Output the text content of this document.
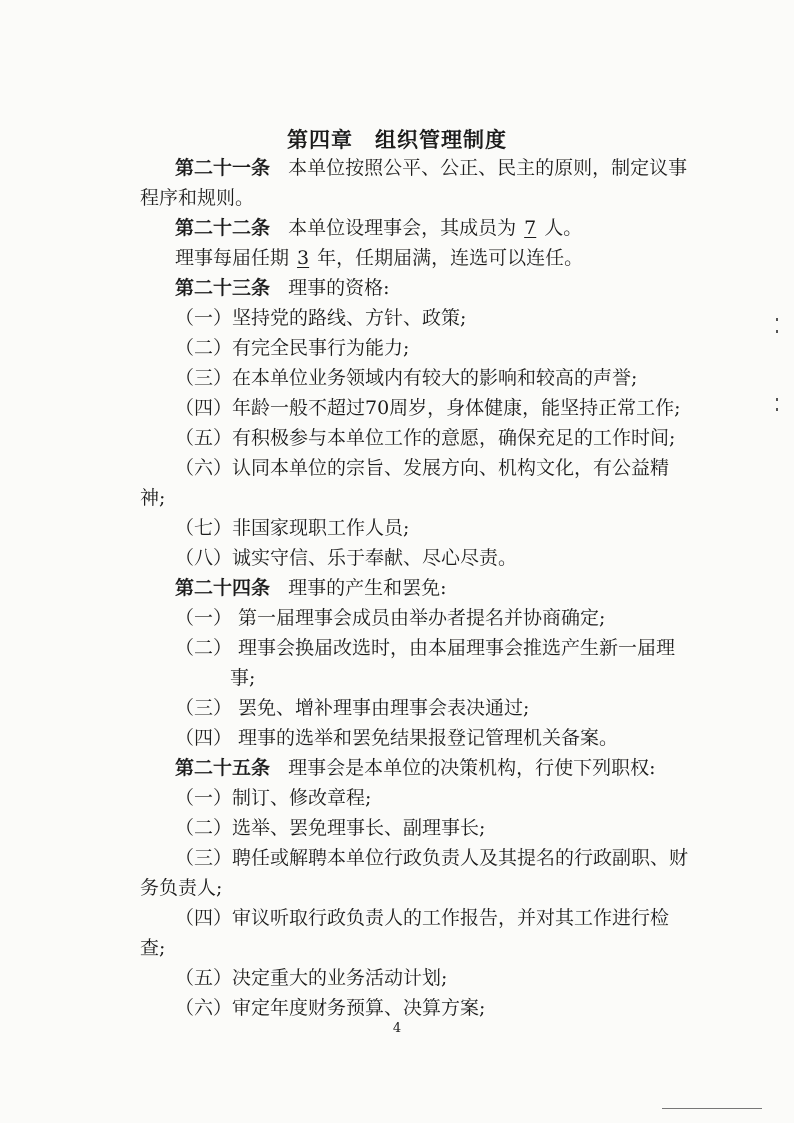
第四章 组织管理制度
第二十一条 本单位按照公平、公正、民主的原则，制定议事
程序和规则。
第二十二条 本单位设理事会，其成员为 7 人。
理事每届任期 3 年，任期届满，连选可以连任。
第二十三条 理事的资格:
（一）坚持党的路线、方针、政策;
（二）有完全民事行为能力;
（三）在本单位业务领域内有较大的影响和较高的声誉;
（四）年龄一般不超过70周岁，身体健康，能坚持正常工作;
（五）有积极参与本单位工作的意愿，确保充足的工作时间;
（六）认同本单位的宗旨、发展方向、机构文化，有公益精
神;
（七）非国家现职工作人员;
（八）诚实守信、乐于奉献、尽心尽责。
第二十四条 理事的产生和罢免:
（一） 第一届理事会成员由举办者提名并协商确定;
（二） 理事会换届改选时，由本届理事会推选产生新一届理
事;
（三） 罢免、增补理事由理事会表决通过;
（四） 理事的选举和罢免结果报登记管理机关备案。
第二十五条 理事会是本单位的决策机构，行使下列职权:
（一）制订、修改章程;
（二）选举、罢免理事长、副理事长;
（三）聘任或解聘本单位行政负责人及其提名的行政副职、财
务负责人;
（四）审议听取行政负责人的工作报告，并对其工作进行检
查;
（五）决定重大的业务活动计划;
（六）审定年度财务预算、决算方案;
4
